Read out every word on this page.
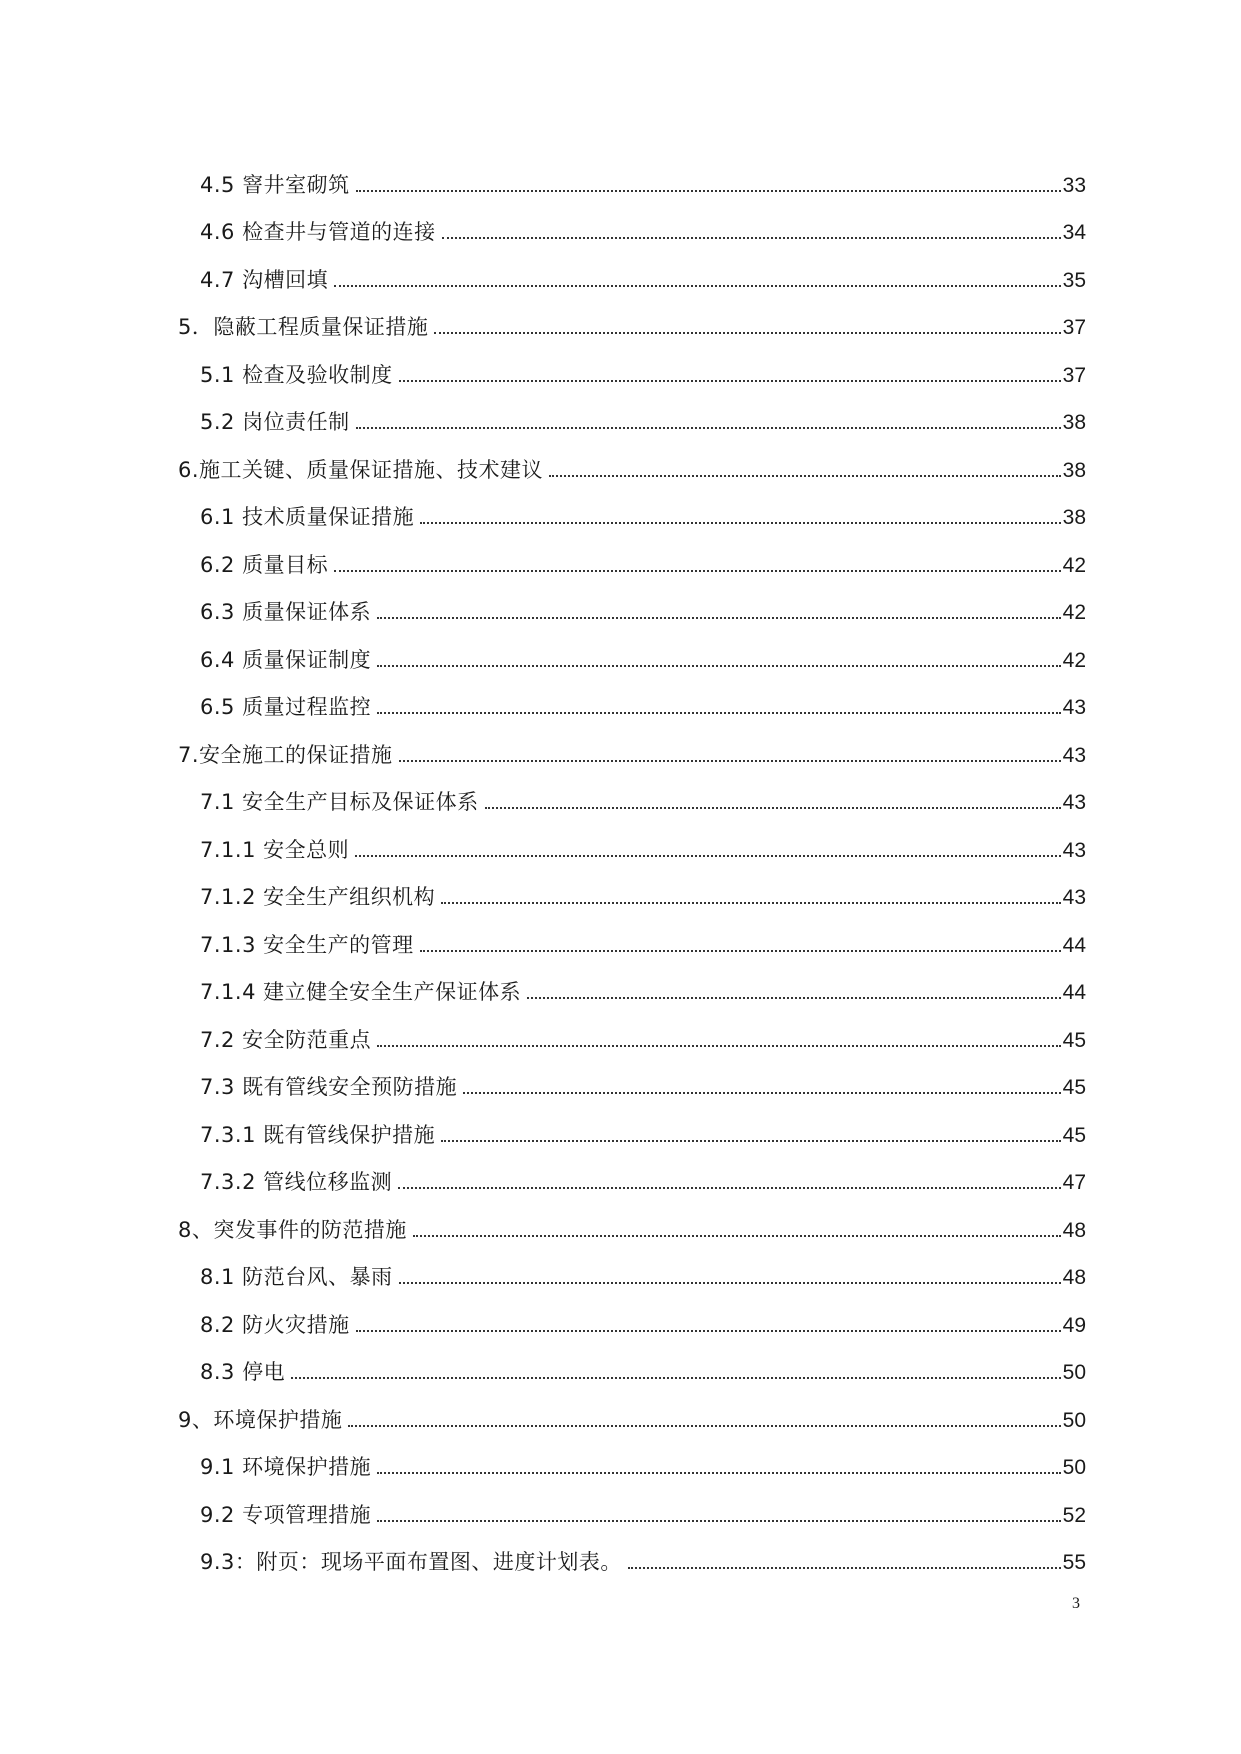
4.5 窨井室砌筑	33
4.6 检查井与管道的连接	34
4.7 沟槽回填	35
5．隐蔽工程质量保证措施	37
5.1 检查及验收制度	37
5.2 岗位责任制	38
6.施工关键、质量保证措施、技术建议	38
6.1 技术质量保证措施	38
6.2 质量目标	42
6.3 质量保证体系	42
6.4 质量保证制度	42
6.5 质量过程监控	43
7.安全施工的保证措施	43
7.1 安全生产目标及保证体系	43
7.1.1 安全总则	43
7.1.2 安全生产组织机构	43
7.1.3 安全生产的管理	44
7.1.4 建立健全安全生产保证体系	44
7.2 安全防范重点	45
7.3 既有管线安全预防措施	45
7.3.1 既有管线保护措施	45
7.3.2 管线位移监测	47
8、突发事件的防范措施	48
8.1 防范台风、暴雨	48
8.2 防火灾措施	49
8.3 停电	50
9、环境保护措施	50
9.1 环境保护措施	50
9.2 专项管理措施	52
9.3：附页：现场平面布置图、进度计划表。	55
3
